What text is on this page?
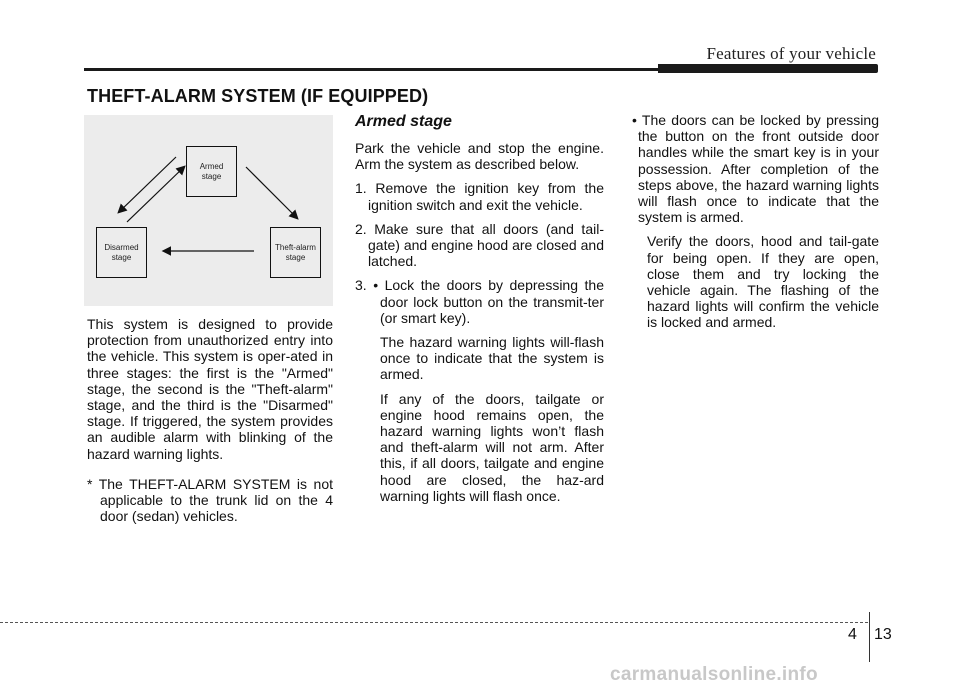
Features of your vehicle
THEFT-ALARM SYSTEM (IF EQUIPPED)
Armed
stage
Disarmed
stage
Theft-alarm
stage

This system is designed to provide protection from unauthorized entry into the vehicle. This system is oper-ated in three stages: the first is the "Armed" stage, the second is the "Theft-alarm" stage, and the third is the "Disarmed" stage. If triggered, the system provides an audible alarm with blinking of the hazard warning lights.

* The THEFT-ALARM SYSTEM is not applicable to the trunk lid on the 4 door (sedan) vehicles.

Armed stage

Park the vehicle and stop the engine. Arm the system as described below.

1. Remove the ignition key from the ignition switch and exit the vehicle.

2. Make sure that all doors (and tail-gate) and engine hood are closed and latched.

3. • Lock the doors by depressing the door lock button on the transmit-ter (or smart key).

The hazard warning lights will-flash once to indicate that the system is armed.

If any of the doors, tailgate or engine hood remains open, the hazard warning lights won’t flash and theft-alarm will not arm. After this, if all doors, tailgate and engine hood are closed, the haz-ard warning lights will flash once.

• The doors can be locked by pressing the button on the front outside door handles while the smart key is in your possession. After completion of the steps above, the hazard warning lights will flash once to indicate that the system is armed.

Verify the doors, hood and tail-gate for being open. If they are open, close them and try locking the vehicle again. The flashing of the hazard lights will confirm the vehicle is locked and armed.

4 13
carmanualsonline.info
